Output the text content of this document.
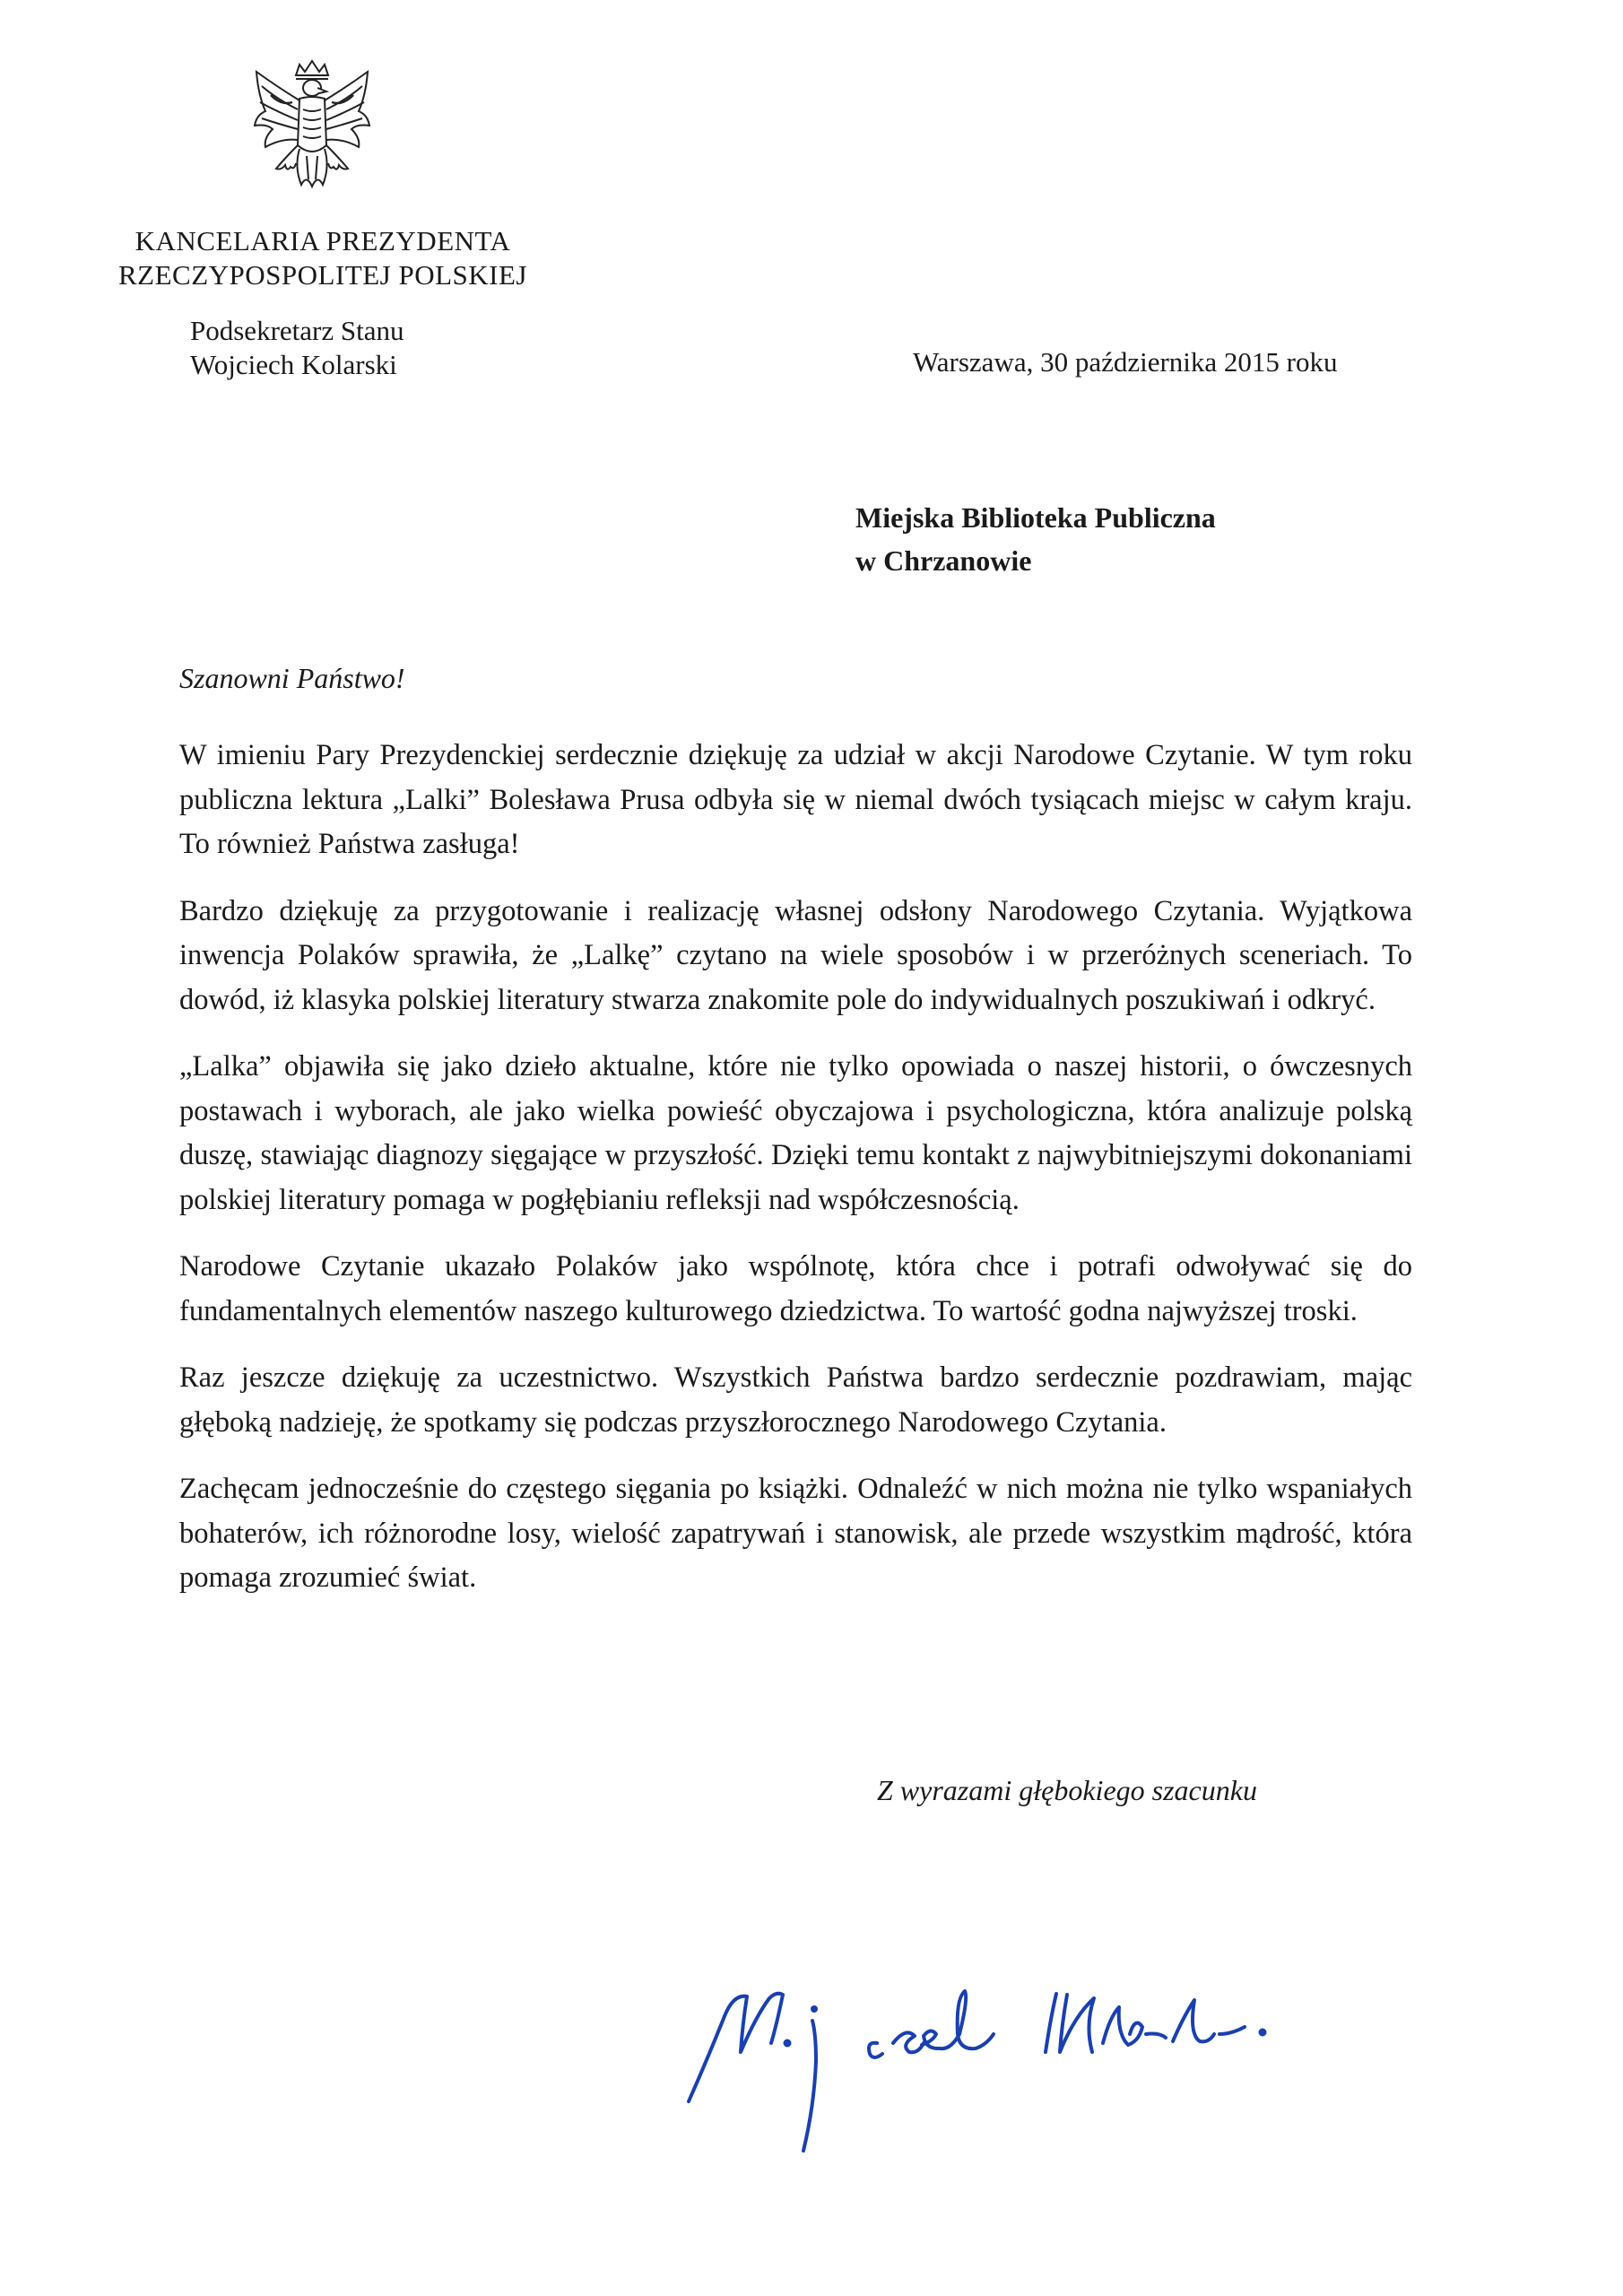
KANCELARIA PREZYDENTA
RZECZYPOSPOLITEJ POLSKIEJ
Podsekretarz Stanu
Wojciech Kolarski	Warszawa, 30 października 2015 roku
Miejska Biblioteka Publiczna
w Chrzanowie
Szanowni Państwo!

W imieniu Pary Prezydenckiej serdecznie dziękuję za udział w akcji Narodowe Czytanie. W tym roku publiczna lektura „Lalki” Bolesława Prusa odbyła się w niemal dwóch tysiącach miejsc w całym kraju. To również Państwa zasługa!

Bardzo dziękuję za przygotowanie i realizację własnej odsłony Narodowego Czytania. Wyjątkowa inwencja Polaków sprawiła, że „Lalkę” czytano na wiele sposobów i w przeróżnych sceneriach. To dowód, iż klasyka polskiej literatury stwarza znakomite pole do indywidualnych poszukiwań i odkryć.

„Lalka” objawiła się jako dzieło aktualne, które nie tylko opowiada o naszej historii, o ówczesnych postawach i wyborach, ale jako wielka powieść obyczajowa i psychologiczna, która analizuje polską duszę, stawiając diagnozy sięgające w przyszłość. Dzięki temu kontakt z najwybitniejszymi dokonaniami polskiej literatury pomaga w pogłębianiu refleksji nad współczesnością.

Narodowe Czytanie ukazało Polaków jako wspólnotę, która chce i potrafi odwoływać się do fundamentalnych elementów naszego kulturowego dziedzictwa. To wartość godna najwyższej troski.

Raz jeszcze dziękuję za uczestnictwo. Wszystkich Państwa bardzo serdecznie pozdrawiam, mając głęboką nadzieję, że spotkamy się podczas przyszłorocznego Narodowego Czytania.

Zachęcam jednocześnie do częstego sięgania po książki. Odnaleźć w nich można nie tylko wspaniałych bohaterów, ich różnorodne losy, wielość zapatrywań i stanowisk, ale przede wszystkim mądrość, która pomaga zrozumieć świat.

Z wyrazami głębokiego szacunku
